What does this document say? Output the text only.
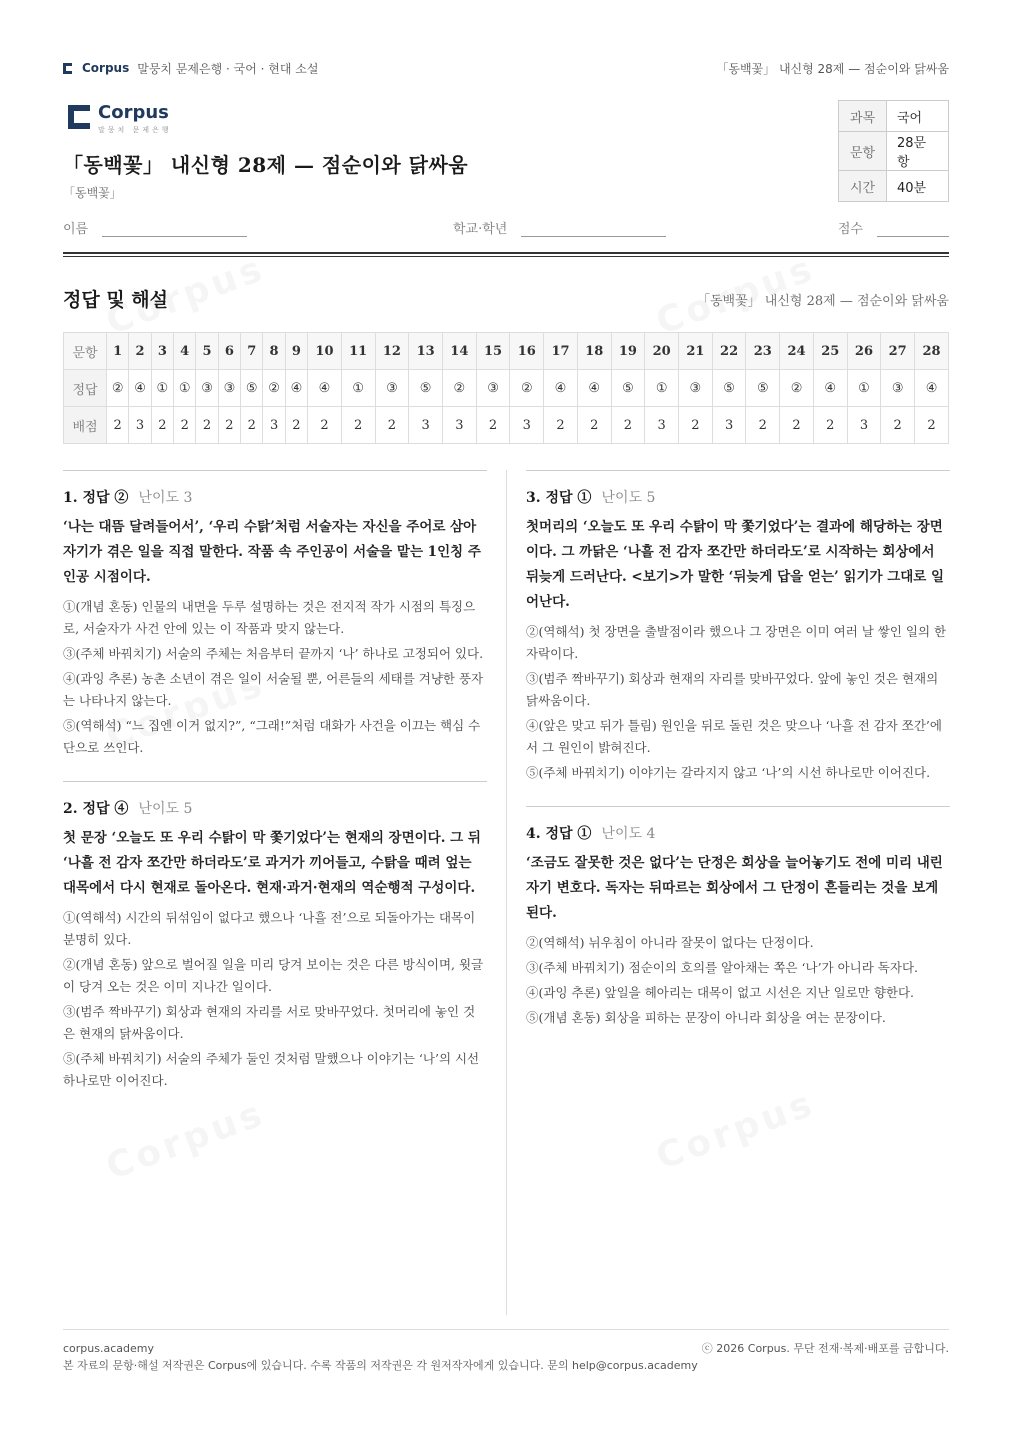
Corpus 말뭉치 문제은행 · 국어 · 현대 소설	「동백꽃」 내신형 28제 — 점순이와 닭싸움
Corpus
말뭉치 문제은행
「동백꽃」 내신형 28제 — 점순이와 닭싸움
「동백꽃」
과목	국어
문항	28문항
시간	40분
이름	학교·학년	점수
정답 및 해설	「동백꽃」 내신형 28제 — 점순이와 닭싸움
문항	1	2	3	4	5	6	7	8	9	10	11	12	13	14	15	16	17	18	19	20	21	22	23	24	25	26	27	28
정답	②	④	①	①	③	③	⑤	②	④	④	①	③	⑤	②	③	②	④	④	⑤	①	③	⑤	⑤	②	④	①	③	④
배점	2	3	2	2	2	2	2	3	2	2	2	2	3	3	2	3	2	2	2	3	2	3	2	2	2	3	2	2
1. 정답 ② 난이도 3
‘나는 대뜸 달려들어서’, ‘우리 수탉’처럼 서술자는 자신을 주어로 삼아 자기가 겪은 일을 직접 말한다. 작품 속 주인공이 서술을 맡는 1인칭 주인공 시점이다.
①(개념 혼동) 인물의 내면을 두루 설명하는 것은 전지적 작가 시점의 특징으로, 서술자가 사건 안에 있는 이 작품과 맞지 않는다.
③(주체 바꿔치기) 서술의 주체는 처음부터 끝까지 ‘나’ 하나로 고정되어 있다.
④(과잉 추론) 농촌 소년이 겪은 일이 서술될 뿐, 어른들의 세태를 겨냥한 풍자는 나타나지 않는다.
⑤(역해석) “느 집엔 이거 없지?”, “그래!”처럼 대화가 사건을 이끄는 핵심 수단으로 쓰인다.
2. 정답 ④ 난이도 5
첫 문장 ‘오늘도 또 우리 수탉이 막 쫓기었다’는 현재의 장면이다. 그 뒤 ‘나흘 전 감자 쪼간만 하더라도’로 과거가 끼어들고, 수탉을 때려 엎는 대목에서 다시 현재로 돌아온다. 현재·과거·현재의 역순행적 구성이다.
①(역해석) 시간의 뒤섞임이 없다고 했으나 ‘나흘 전’으로 되돌아가는 대목이 분명히 있다.
②(개념 혼동) 앞으로 벌어질 일을 미리 당겨 보이는 것은 다른 방식이며, 윗글이 당겨 오는 것은 이미 지나간 일이다.
③(범주 짝바꾸기) 회상과 현재의 자리를 서로 맞바꾸었다. 첫머리에 놓인 것은 현재의 닭싸움이다.
⑤(주체 바꿔치기) 서술의 주체가 둘인 것처럼 말했으나 이야기는 ‘나’의 시선 하나로만 이어진다.
3. 정답 ① 난이도 5
첫머리의 ‘오늘도 또 우리 수탉이 막 쫓기었다’는 결과에 해당하는 장면이다. 그 까닭은 ‘나흘 전 감자 쪼간만 하더라도’로 시작하는 회상에서 뒤늦게 드러난다. <보기>가 말한 ‘뒤늦게 답을 얻는’ 읽기가 그대로 일어난다.
②(역해석) 첫 장면을 출발점이라 했으나 그 장면은 이미 여러 날 쌓인 일의 한 자락이다.
③(범주 짝바꾸기) 회상과 현재의 자리를 맞바꾸었다. 앞에 놓인 것은 현재의 닭싸움이다.
④(앞은 맞고 뒤가 틀림) 원인을 뒤로 돌린 것은 맞으나 ‘나흘 전 감자 쪼간’에서 그 원인이 밝혀진다.
⑤(주체 바꿔치기) 이야기는 갈라지지 않고 ‘나’의 시선 하나로만 이어진다.
4. 정답 ① 난이도 4
‘조금도 잘못한 것은 없다’는 단정은 회상을 늘어놓기도 전에 미리 내린 자기 변호다. 독자는 뒤따르는 회상에서 그 단정이 흔들리는 것을 보게 된다.
②(역해석) 뉘우침이 아니라 잘못이 없다는 단정이다.
③(주체 바꿔치기) 점순이의 호의를 알아채는 쪽은 ‘나’가 아니라 독자다.
④(과잉 추론) 앞일을 헤아리는 대목이 없고 시선은 지난 일로만 향한다.
⑤(개념 혼동) 회상을 피하는 문장이 아니라 회상을 여는 문장이다.
corpus.academy	ⓒ 2026 Corpus. 무단 전재·복제·배포를 금합니다.
본 자료의 문항·해설 저작권은 Corpus에 있습니다. 수록 작품의 저작권은 각 원저작자에게 있습니다. 문의 help@corpus.academy
